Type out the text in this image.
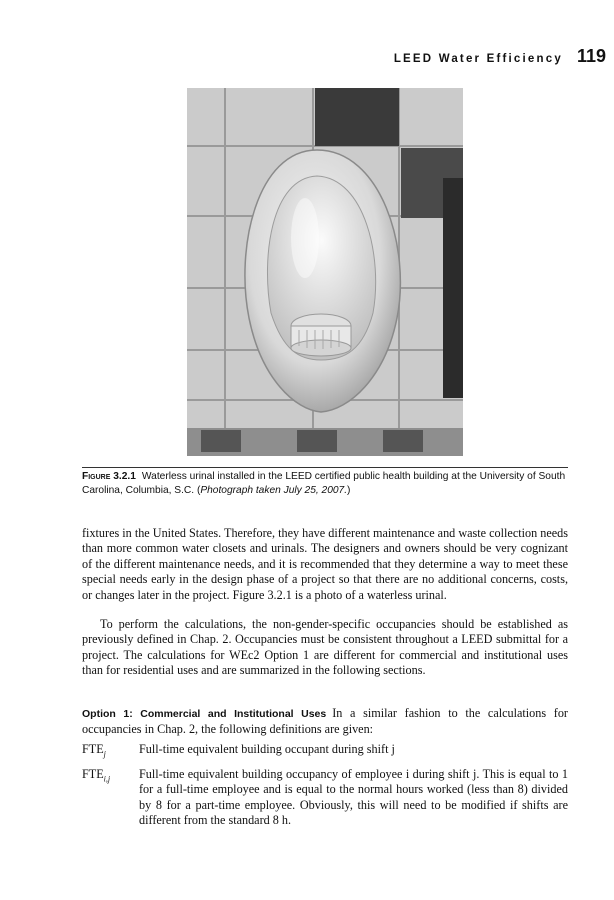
LEED Water Efficiency 119
Figure 3.2.1 Waterless urinal installed in the LEED certified public health building at the University of South Carolina, Columbia, S.C. (Photograph taken July 25, 2007.)

fixtures in the United States. Therefore, they have different maintenance and waste collection needs than more common water closets and urinals. The designers and owners should be very cognizant of the different maintenance needs, and it is recommended that they determine a way to meet these special needs early in the design phase of a project so that there are no additional concerns, costs, or changes later in the project. Figure 3.2.1 is a photo of a waterless urinal.

To perform the calculations, the non-gender-specific occupancies should be established as previously defined in Chap. 2. Occupancies must be consistent throughout a LEED submittal for a project. The calculations for WEc2 Option 1 are different for commercial and institutional uses than for residential uses and are summarized in the following sections.

Option 1: Commercial and Institutional Uses In a similar fashion to the calculations for occupancies in Chap. 2, the following definitions are given:

$FTE_j$	Full-time equivalent building occupant during shift j
$FTE_{i,j}$	Full-time equivalent building occupancy of employee i during shift j. This is equal to 1 for a full-time employee and is equal to the normal hours worked (less than 8) divided by 8 for a part-time employee. Obviously, this will need to be modified if shifts are different from the standard 8 h.
